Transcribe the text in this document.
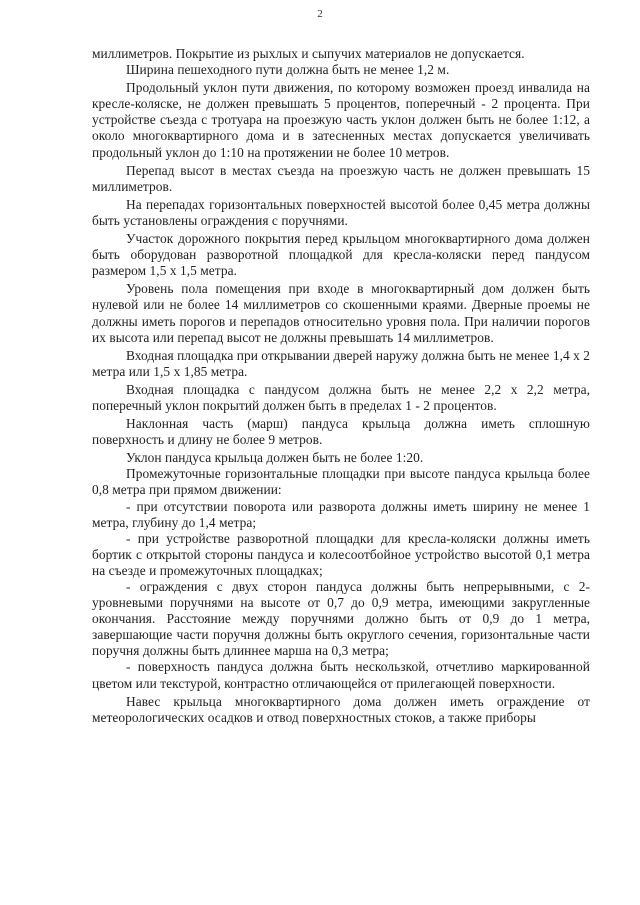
2

миллиметров. Покрытие из рыхлых и сыпучих материалов не допускается.

Ширина пешеходного пути должна быть не менее 1,2 м.

Продольный уклон пути движения, по которому возможен проезд инвалида на кресле-коляске, не должен превышать 5 процентов, поперечный - 2 процента. При устройстве съезда с тротуара на проезжую часть уклон должен быть не более 1:12, а около многоквартирного дома и в затесненных местах допускается увеличивать продольный уклон до 1:10 на протяжении не более 10 метров.

Перепад высот в местах съезда на проезжую часть не должен превышать 15 миллиметров.

На перепадах горизонтальных поверхностей высотой более 0,45 метра должны быть установлены ограждения с поручнями.

Участок дорожного покрытия перед крыльцом многоквартирного дома должен быть оборудован разворотной площадкой для кресла-коляски перед пандусом размером 1,5 х 1,5 метра.

Уровень пола помещения при входе в многоквартирный дом должен быть нулевой или не более 14 миллиметров со скошенными краями. Дверные проемы не должны иметь порогов и перепадов относительно уровня пола. При наличии порогов их высота или перепад высот не должны превышать 14 миллиметров.

Входная площадка при открывании дверей наружу должна быть не менее 1,4 х 2 метра или 1,5 х 1,85 метра.

Входная площадка с пандусом должна быть не менее 2,2 х 2,2 метра, поперечный уклон покрытий должен быть в пределах 1 - 2 процентов.

Наклонная часть (марш) пандуса крыльца должна иметь сплошную поверхность и длину не более 9 метров.

Уклон пандуса крыльца должен быть не более 1:20.

Промежуточные горизонтальные площадки при высоте пандуса крыльца более 0,8 метра при прямом движении:

- при отсутствии поворота или разворота должны иметь ширину не менее 1 метра, глубину до 1,4 метра;

- при устройстве разворотной площадки для кресла-коляски должны иметь бортик с открытой стороны пандуса и колесоотбойное устройство высотой 0,1 метра на съезде и промежуточных площадках;

- ограждения с двух сторон пандуса должны быть непрерывными, с 2-уровневыми поручнями на высоте от 0,7 до 0,9 метра, имеющими закругленные окончания. Расстояние между поручнями должно быть от 0,9 до 1 метра, завершающие части поручня должны быть округлого сечения, горизонтальные части поручня должны быть длиннее марша на 0,3 метра;

- поверхность пандуса должна быть нескользкой, отчетливо маркированной цветом или текстурой, контрастно отличающейся от прилегающей поверхности.

Навес крыльца многоквартирного дома должен иметь ограждение от метеорологических осадков и отвод поверхностных стоков, а также приборы
